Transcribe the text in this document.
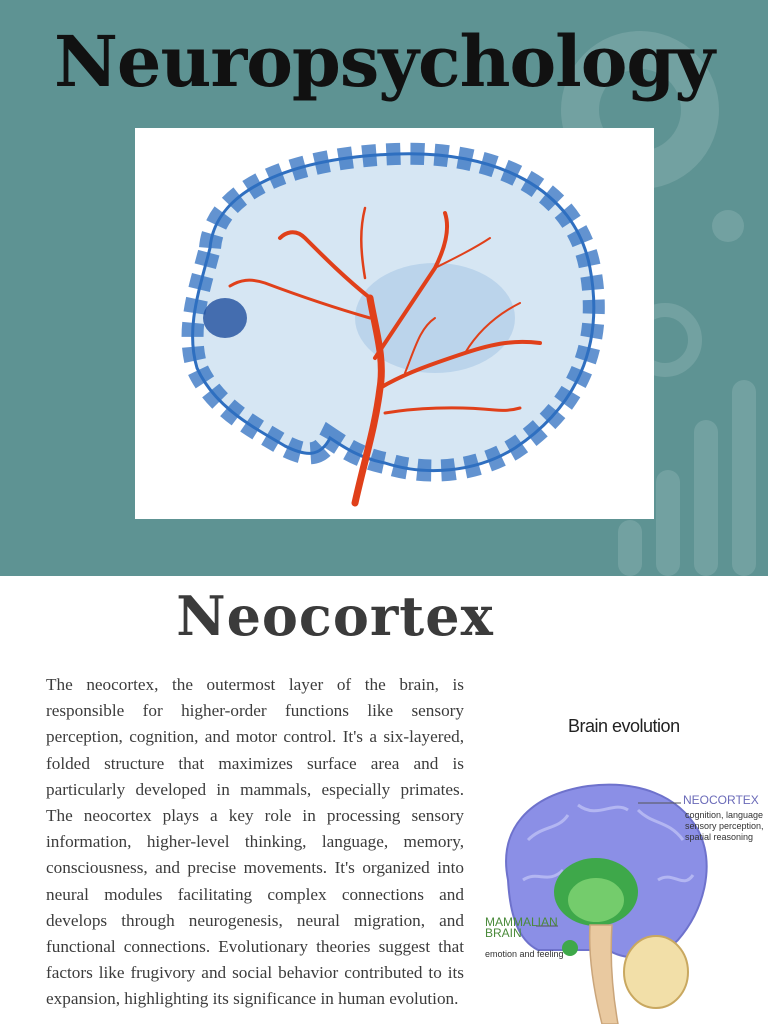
Neuropsychology
Neocortex
The neocortex, the outermost layer of the brain, is responsible for higher-order functions like sensory perception, cognition, and motor control. It's a six-layered, folded structure that maximizes surface area and is particularly developed in mammals, especially primates. The neocortex plays a key role in processing sensory information, higher-level thinking, language, memory, consciousness, and precise movements. It's organized into neural modules facilitating complex connections and develops through neurogenesis, neural migration, and functional connections. Evolutionary theories suggest that factors like frugivory and social behavior contributed to its expansion, highlighting its significance in human evolution.
Brain evolution
NEOCORTEX
cognition, language
sensory perception,
spatial reasoning
MAMMALIAN
BRAIN
emotion and feeling
